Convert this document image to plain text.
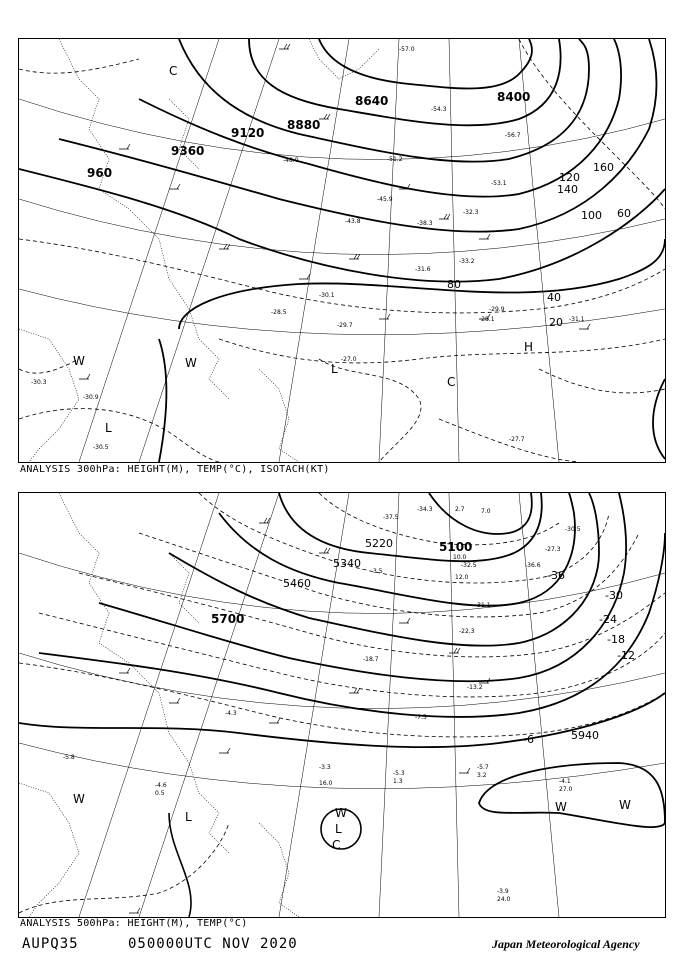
8400
8640
8880
9120
9360
960
20
40
60
80
100
120
140
160
H
L
L
C
C
W	W
-28.1
-29.7
-30.1
-31.1
-29.9
-27.7
-30.3
-30.5
-28.5
-27.0
-30.9
-31.6
-32.3
-33.2
-38.3
-43.8
-45.9
-48.0	-51.2
-53.1
-54.3
-56.7
-57.0
ANALYSIS 300hPa: HEIGHT(M), TEMP(°C), ISOTACH(KT)
5940
5700
5460
5340
5220	5100
-6
-12
-18
-24
-30
-36
L
L
C
W
W	W
W
-4.1
27.0
-5.7
3.2
-5.3
1.3
-3.9
24.0
-4.6
0.5
-3.3
16.0
-5.8
-4.3
-7.5
-13.2
-18.7
-22.3
-31.1
-37.5
-34.3
-32.5
-30.5
-27.3
-36.6
7.0
12.0
10.0
2.7
3.5
ANALYSIS 500hPa: HEIGHT(M), TEMP(°C)
AUPQ35	050000UTC NOV 2020	Japan Meteorological Agency
